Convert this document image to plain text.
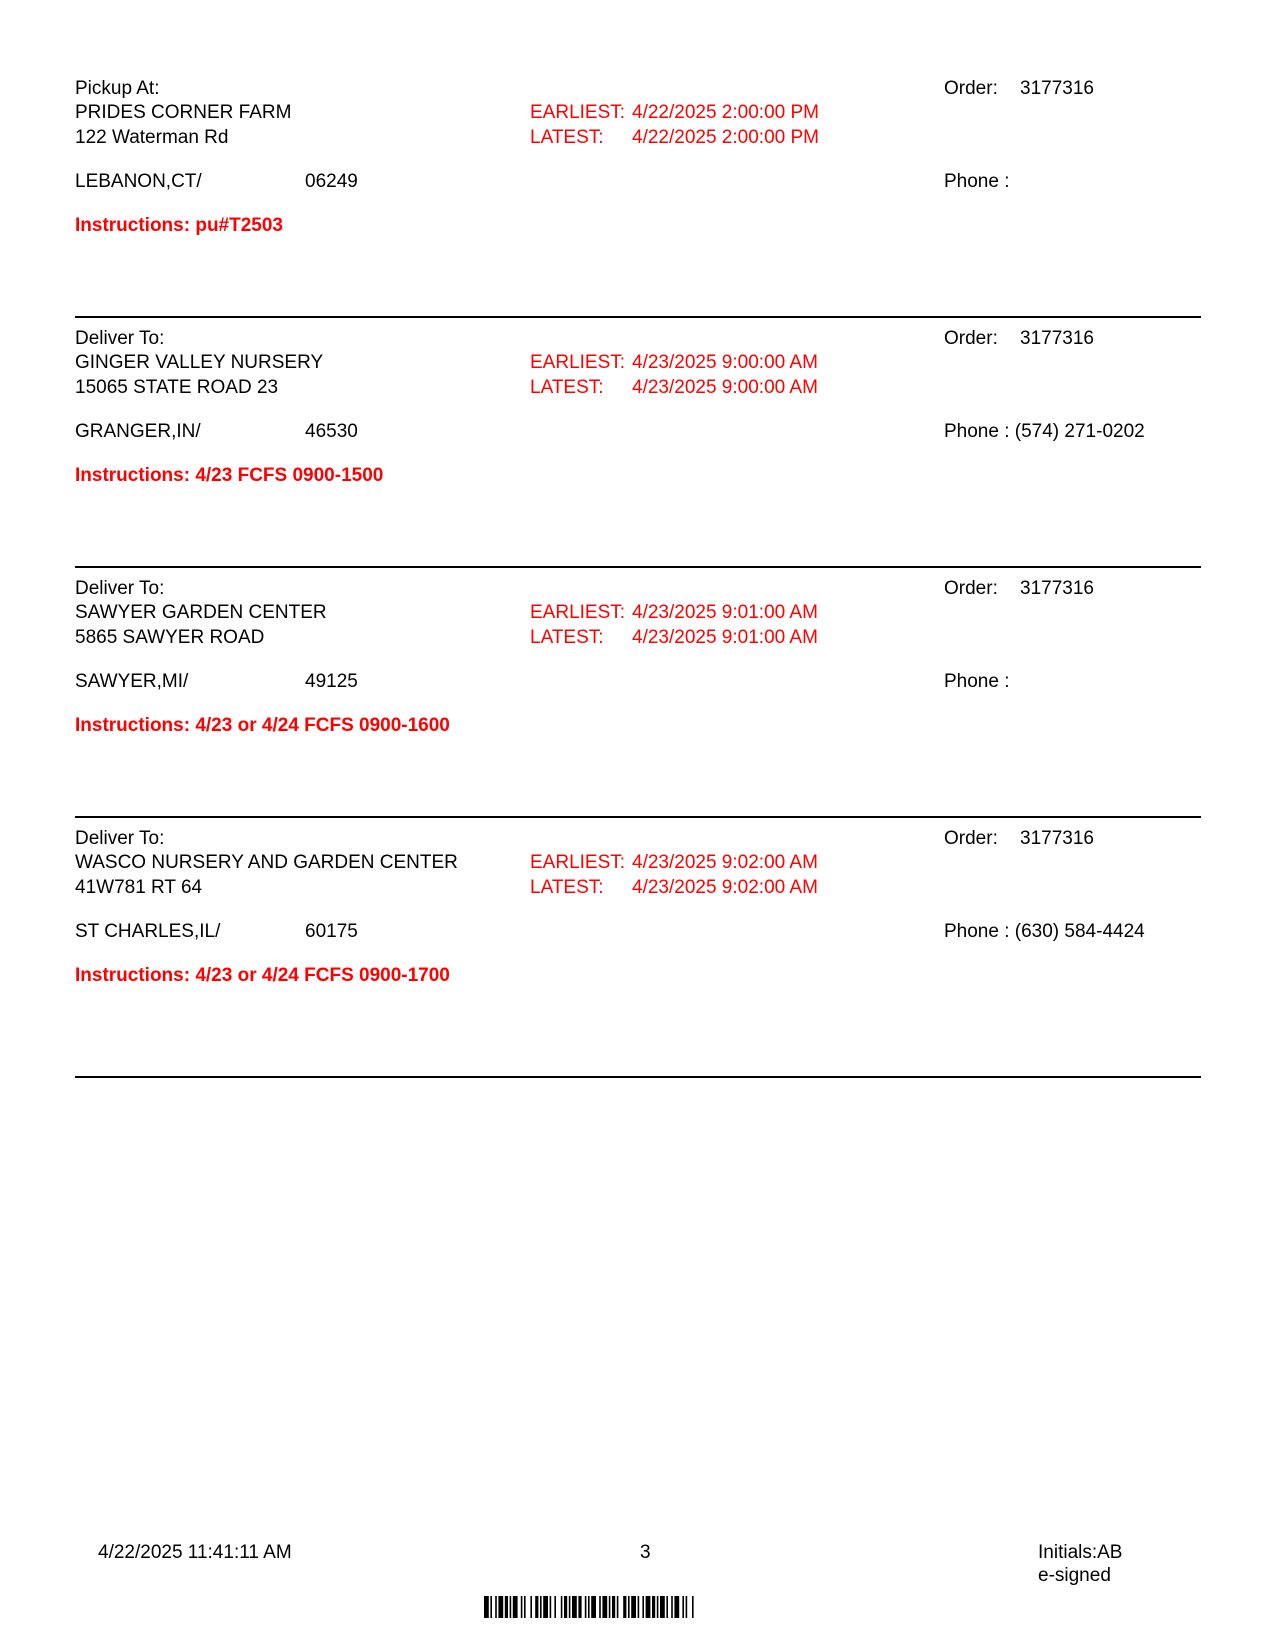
Pickup At:
PRIDES CORNER FARM
122 Waterman Rd
LEBANON,CT/	06249
EARLIEST: 4/22/2025 2:00:00 PM
LATEST: 4/22/2025 2:00:00 PM
Order: 3177316
Phone :
Instructions: pu#T2503
Deliver To:
GINGER VALLEY NURSERY
15065 STATE ROAD 23
GRANGER,IN/	46530
EARLIEST: 4/23/2025 9:00:00 AM
LATEST: 4/23/2025 9:00:00 AM
Order: 3177316
Phone : (574) 271-0202
Instructions: 4/23 FCFS 0900-1500
Deliver To:
SAWYER GARDEN CENTER
5865 SAWYER ROAD
SAWYER,MI/	49125
EARLIEST: 4/23/2025 9:01:00 AM
LATEST: 4/23/2025 9:01:00 AM
Order: 3177316
Phone :
Instructions: 4/23 or 4/24 FCFS 0900-1600
Deliver To:
WASCO NURSERY AND GARDEN CENTER
41W781 RT 64
ST CHARLES,IL/	60175
EARLIEST: 4/23/2025 9:02:00 AM
LATEST: 4/23/2025 9:02:00 AM
Order: 3177316
Phone : (630) 584-4424
Instructions: 4/23 or 4/24 FCFS 0900-1700
4/22/2025 11:41:11 AM	3	Initials:AB
e-signed
